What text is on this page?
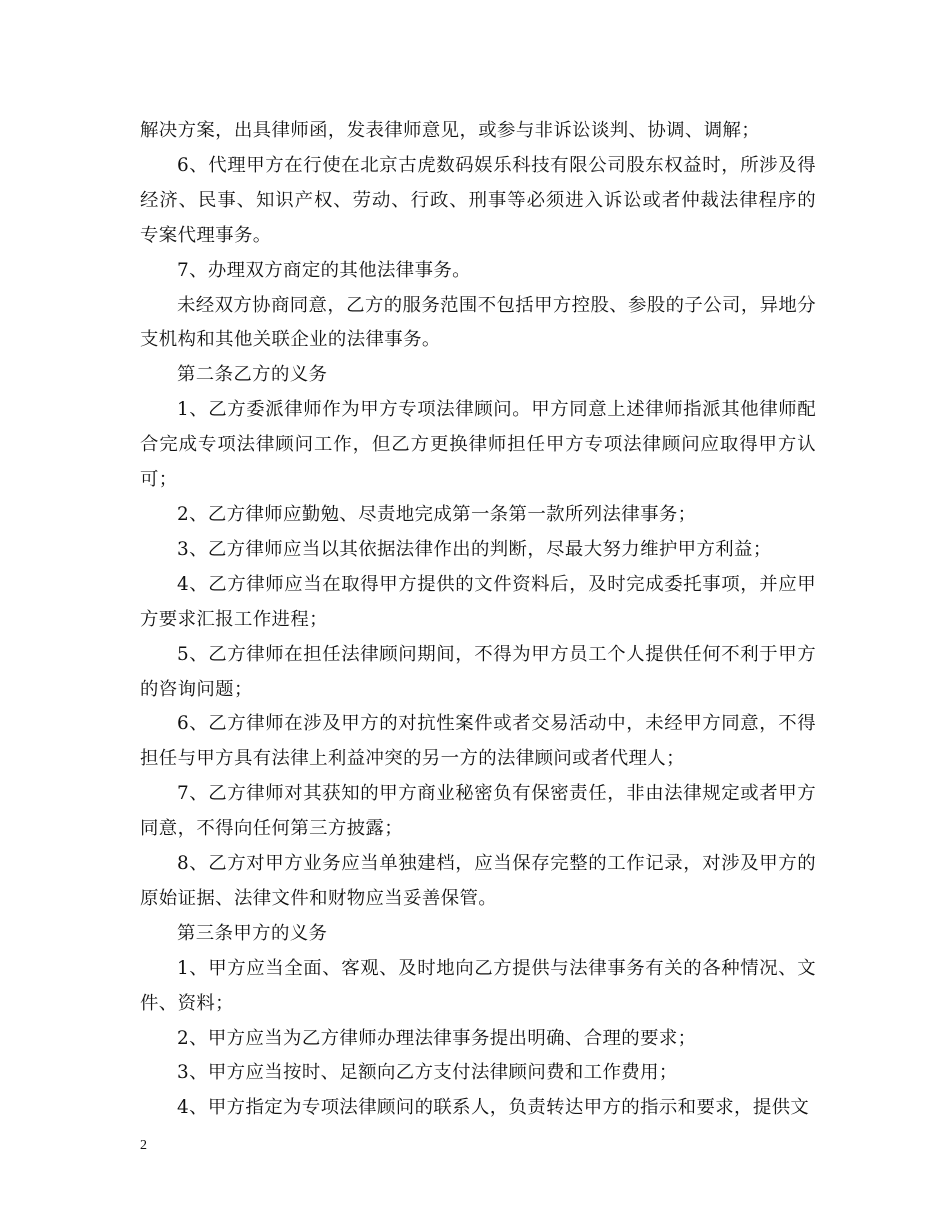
解决方案，出具律师函，发表律师意见，或参与非诉讼谈判、协调、调解；

6、代理甲方在行使在北京古虎数码娱乐科技有限公司股东权益时，所涉及得经济、民事、知识产权、劳动、行政、刑事等必须进入诉讼或者仲裁法律程序的专案代理事务。

7、办理双方商定的其他法律事务。

未经双方协商同意，乙方的服务范围不包括甲方控股、参股的子公司，异地分支机构和其他关联企业的法律事务。

第二条乙方的义务

1、乙方委派律师作为甲方专项法律顾问。甲方同意上述律师指派其他律师配合完成专项法律顾问工作，但乙方更换律师担任甲方专项法律顾问应取得甲方认可；

2、乙方律师应勤勉、尽责地完成第一条第一款所列法律事务；

3、乙方律师应当以其依据法律作出的判断，尽最大努力维护甲方利益；

4、乙方律师应当在取得甲方提供的文件资料后，及时完成委托事项，并应甲方要求汇报工作进程；

5、乙方律师在担任法律顾问期间，不得为甲方员工个人提供任何不利于甲方的咨询问题；

6、乙方律师在涉及甲方的对抗性案件或者交易活动中，未经甲方同意，不得担任与甲方具有法律上利益冲突的另一方的法律顾问或者代理人；

7、乙方律师对其获知的甲方商业秘密负有保密责任，非由法律规定或者甲方同意，不得向任何第三方披露；

8、乙方对甲方业务应当单独建档，应当保存完整的工作记录，对涉及甲方的原始证据、法律文件和财物应当妥善保管。

第三条甲方的义务

1、甲方应当全面、客观、及时地向乙方提供与法律事务有关的各种情况、文件、资料；

2、甲方应当为乙方律师办理法律事务提出明确、合理的要求；

3、甲方应当按时、足额向乙方支付法律顾问费和工作费用；

4、甲方指定为专项法律顾问的联系人，负责转达甲方的指示和要求，提供文

2
